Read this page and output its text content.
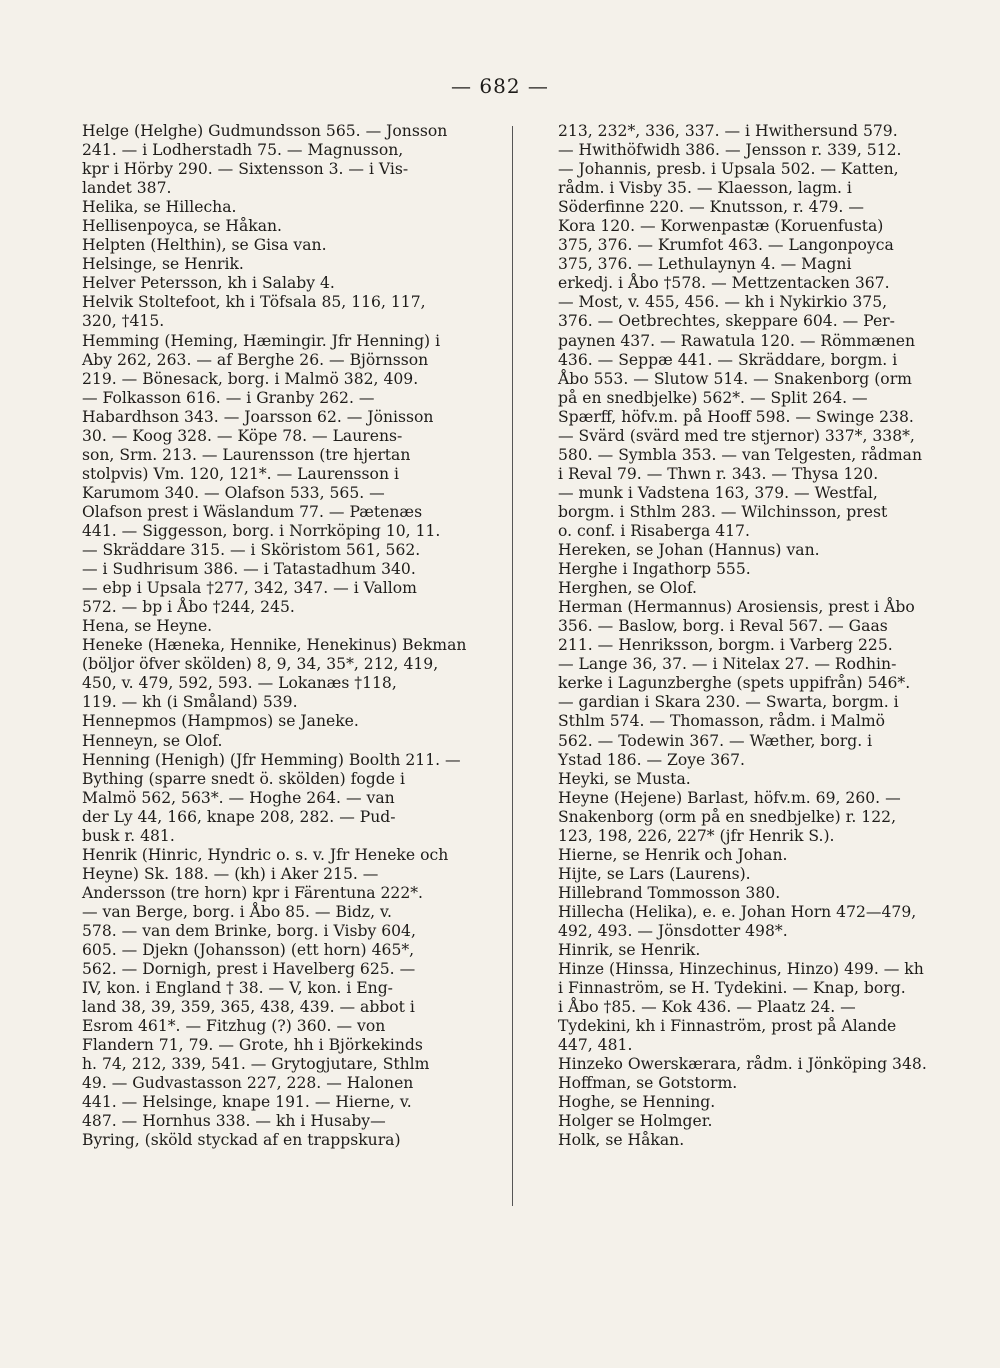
— 682 —
Helge (Helghe) Gudmundsson 565. — Jonsson
241. — i Lodherstadh 75. — Magnusson,
kpr i Hörby 290. — Sixtensson 3. — i Vis-
landet 387.
Helika, se Hillecha.
Hellisenpoyca, se Håkan.
Helpten (Helthin), se Gisa van.
Helsinge, se Henrik.
Helver Petersson, kh i Salaby 4.
Helvik Stoltefoot, kh i Töfsala 85, 116, 117,
320, †415.
Hemming (Heming, Hæmingir. Jfr Henning) i
Aby 262, 263. — af Berghe 26. — Björnsson
219. — Bönesack, borg. i Malmö 382, 409.
— Folkasson 616. — i Granby 262. —
Habardhson 343. — Joarsson 62. — Jönisson
30. — Koog 328. — Köpe 78. — Laurens-
son, Srm. 213. — Laurensson (tre hjertan
stolpvis) Vm. 120, 121*. — Laurensson i
Karumom 340. — Olafson 533, 565. —
Olafson prest i Wäslandum 77. — Pætenæs
441. — Siggesson, borg. i Norrköping 10, 11.
— Skräddare 315. — i Sköristom 561, 562.
— i Sudhrisum 386. — i Tatastadhum 340.
— ebp i Upsala †277, 342, 347. — i Vallom
572. — bp i Åbo †244, 245.
Hena, se Heyne.
Heneke (Hæneka, Hennike, Henekinus) Bekman
(böljor öfver skölden) 8, 9, 34, 35*, 212, 419,
450, v. 479, 592, 593. — Lokanæs †118,
119. — kh (i Småland) 539.
Hennepmos (Hampmos) se Janeke.
Henneyn, se Olof.
Henning (Henigh) (Jfr Hemming) Boolth 211. —
Bything (sparre snedt ö. skölden) fogde i
Malmö 562, 563*. — Hoghe 264. — van
der Ly 44, 166, knape 208, 282. — Pud-
busk r. 481.
Henrik (Hinric, Hyndric o. s. v. Jfr Heneke och
Heyne) Sk. 188. — (kh) i Aker 215. —
Andersson (tre horn) kpr i Färentuna 222*.
— van Berge, borg. i Åbo 85. — Bidz, v.
578. — van dem Brinke, borg. i Visby 604,
605. — Djekn (Johansson) (ett horn) 465*,
562. — Dornigh, prest i Havelberg 625. —
IV, kon. i England † 38. — V, kon. i Eng-
land 38, 39, 359, 365, 438, 439. — abbot i
Esrom 461*. — Fitzhug (?) 360. — von
Flandern 71, 79. — Grote, hh i Björkekinds
h. 74, 212, 339, 541. — Grytogjutare, Sthlm
49. — Gudvastasson 227, 228. — Halonen
441. — Helsinge, knape 191. — Hierne, v.
487. — Hornhus 338. — kh i Husaby—
Byring, (sköld styckad af en trappskura)
213, 232*, 336, 337. — i Hwithersund 579.
— Hwithöfwidh 386. — Jensson r. 339, 512.
— Johannis, presb. i Upsala 502. — Katten,
rådm. i Visby 35. — Klaesson, lagm. i
Söderfinne 220. — Knutsson, r. 479. —
Kora 120. — Korwenpastæ (Koruenfusta)
375, 376. — Krumfot 463. — Langonpoyca
375, 376. — Lethulaynyn 4. — Magni
erkedj. i Åbo †578. — Mettzentacken 367.
— Most, v. 455, 456. — kh i Nykirkio 375,
376. — Oetbrechtes, skeppare 604. — Per-
paynen 437. — Rawatula 120. — Römmænen
436. — Seppæ 441. — Skräddare, borgm. i
Åbo 553. — Slutow 514. — Snakenborg (orm
på en snedbjelke) 562*. — Split 264. —
Spærff, höfv.m. på Hooff 598. — Swinge 238.
— Svärd (svärd med tre stjernor) 337*, 338*,
580. — Symbla 353. — van Telgesten, rådman
i Reval 79. — Thwn r. 343. — Thysa 120.
— munk i Vadstena 163, 379. — Westfal,
borgm. i Sthlm 283. — Wilchinsson, prest
o. conf. i Risaberga 417.
Hereken, se Johan (Hannus) van.
Herghe i Ingathorp 555.
Herghen, se Olof.
Herman (Hermannus) Arosiensis, prest i Åbo
356. — Baslow, borg. i Reval 567. — Gaas
211. — Henriksson, borgm. i Varberg 225.
— Lange 36, 37. — i Nitelax 27. — Rodhin-
kerke i Lagunzberghe (spets uppifrån) 546*.
— gardian i Skara 230. — Swarta, borgm. i
Sthlm 574. — Thomasson, rådm. i Malmö
562. — Todewin 367. — Wæther, borg. i
Ystad 186. — Zoye 367.
Heyki, se Musta.
Heyne (Hejene) Barlast, höfv.m. 69, 260. —
Snakenborg (orm på en snedbjelke) r. 122,
123, 198, 226, 227* (jfr Henrik S.).
Hierne, se Henrik och Johan.
Hijte, se Lars (Laurens).
Hillebrand Tommosson 380.
Hillecha (Helika), e. e. Johan Horn 472—479,
492, 493. — Jönsdotter 498*.
Hinrik, se Henrik.
Hinze (Hinssa, Hinzechinus, Hinzo) 499. — kh
i Finnaström, se H. Tydekini. — Knap, borg.
i Åbo †85. — Kok 436. — Plaatz 24. —
Tydekini, kh i Finnaström, prost på Alande
447, 481.
Hinzeko Owerskærara, rådm. i Jönköping 348.
Hoffman, se Gotstorm.
Hoghe, se Henning.
Holger se Holmger.
Holk, se Håkan.
